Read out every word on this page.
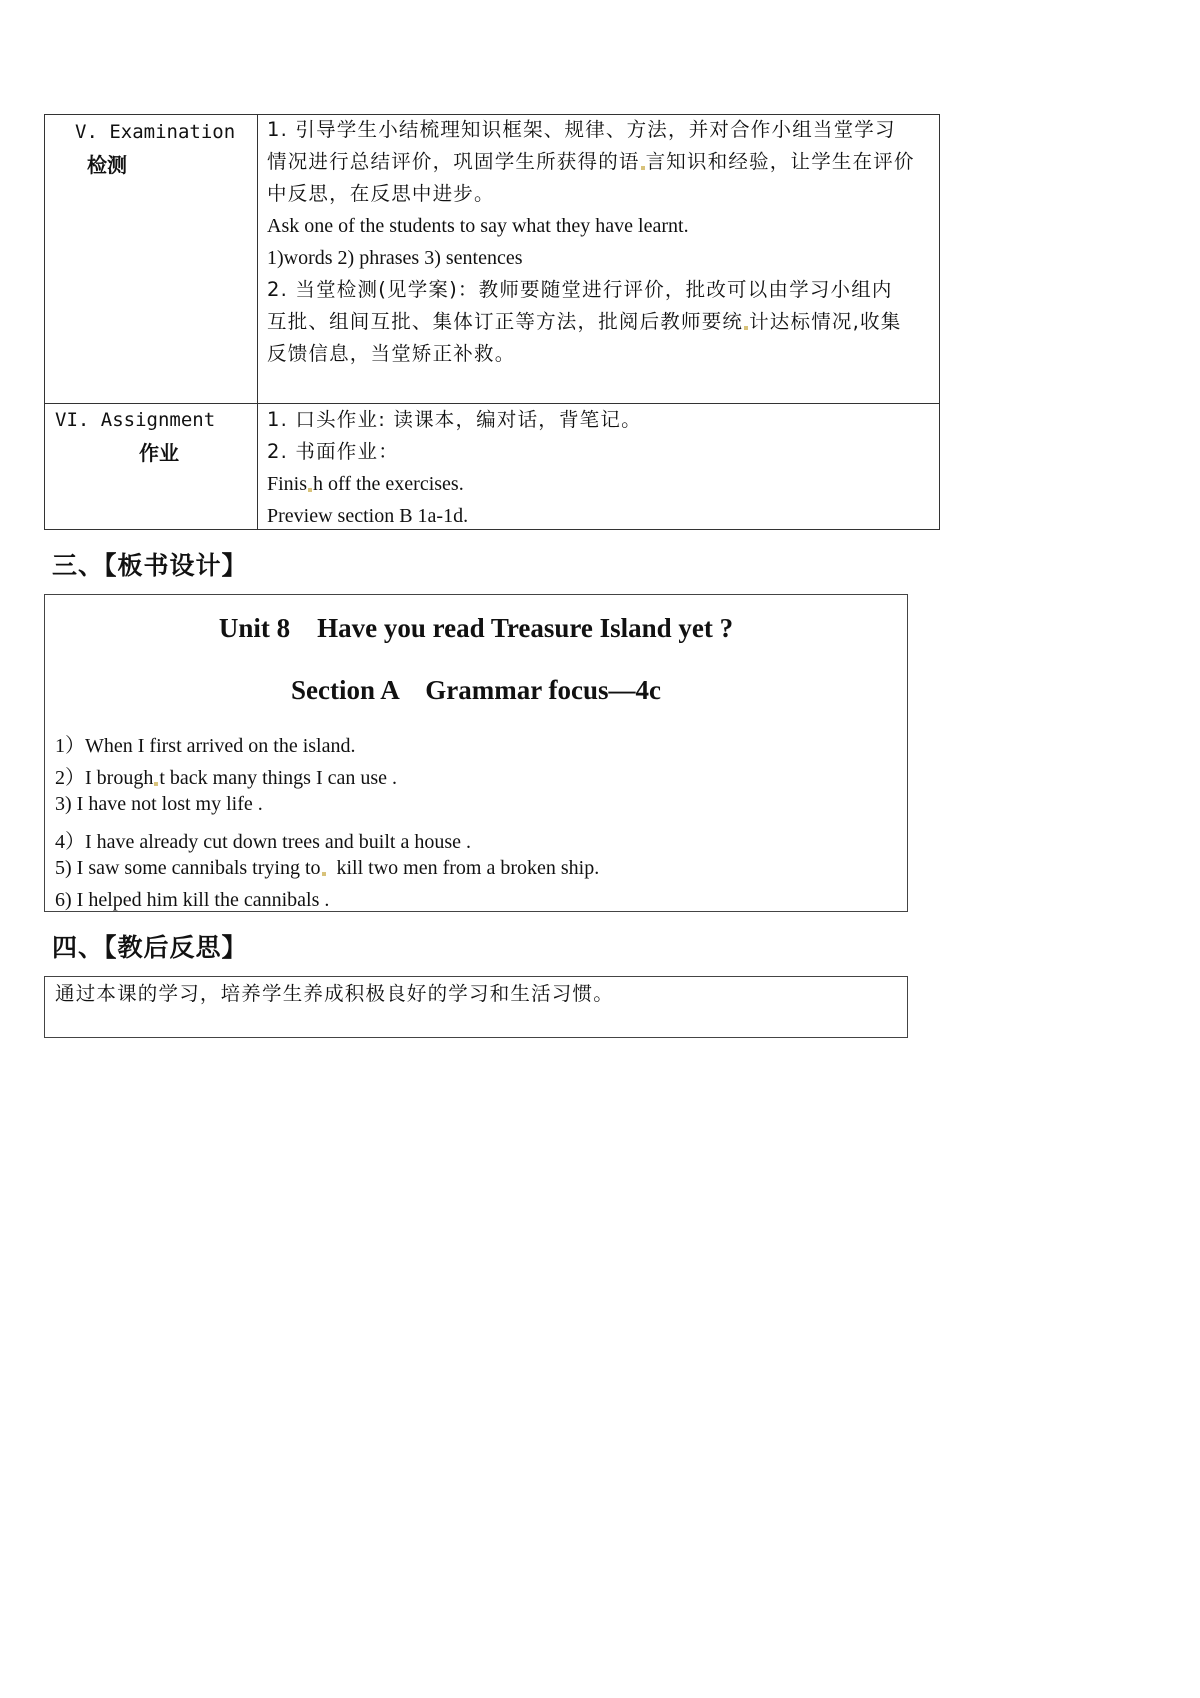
V. Examination
检测
1. 引导学生小结梳理知识框架、规律、方法，并对合作小组当堂学习
情况进行总结评价，巩固学生所获得的语 言知识和经验，让学生在评价
中反思，在反思中进步。
Ask one of the students to say what they have learnt.
1)words 2) phrases 3) sentences
2. 当堂检测(见学案)：教师要随堂进行评价，批改可以由学习小组内
互批、组间互批、集体订正等方法，批阅后教师要统 计达标情况,收集
反馈信息，当堂矫正补救。
VI. Assignment
作业
1. 口头作业: 读课本，编对话，背笔记。
2. 书面作业：
Finis h off the exercises.
Preview section B 1a-1d.
三、【板书设计】
Unit 8    Have you read Treasure Island yet ?
Section A    Grammar focus—4c
1）When I first arrived on the island.
2）I brough t back many things I can use .
3) I have not lost my life .
4）I have already cut down trees and built a house .
5) I saw some cannibals trying to  kill two men from a broken ship.
6) I helped him kill the cannibals .
四、【教后反思】
通过本课的学习，培养学生养成积极良好的学习和生活习惯。
